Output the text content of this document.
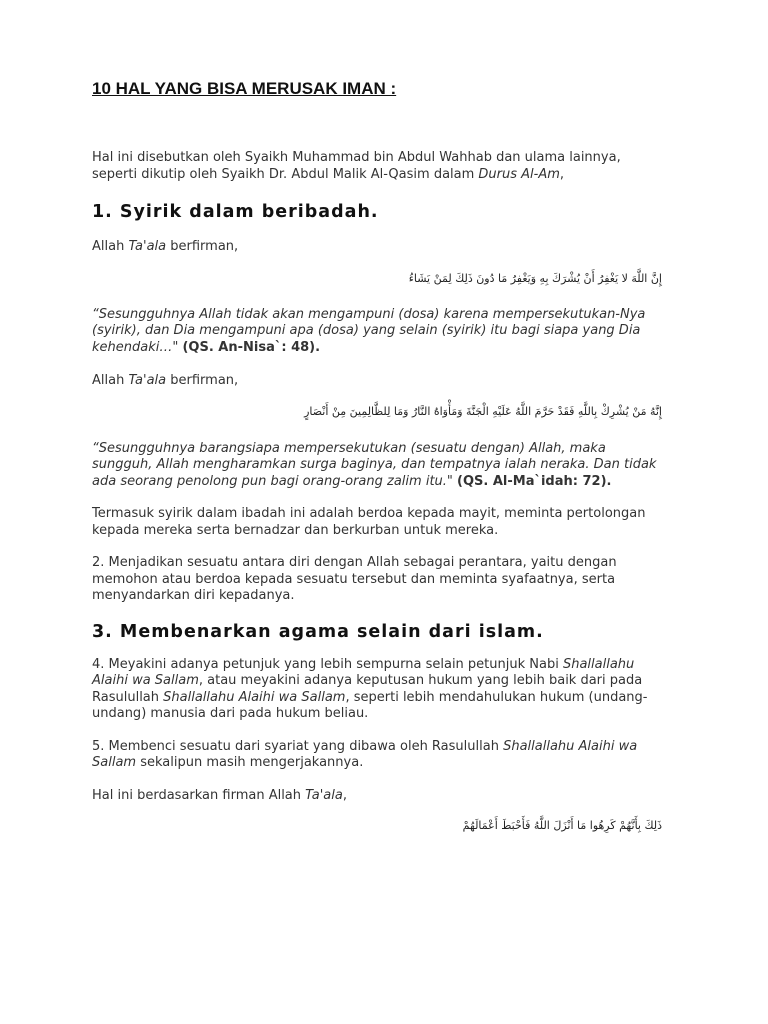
10 HAL YANG BISA MERUSAK IMAN :

Hal ini disebutkan oleh Syaikh Muhammad bin Abdul Wahhab dan ulama lainnya, seperti dikutip oleh Syaikh Dr. Abdul Malik Al-Qasim dalam Durus Al-Am,

1. Syirik dalam beribadah.

Allah Ta'ala berfirman,

إِنَّ اللَّهَ لا يَغْفِرُ أَنْ يُشْرَكَ بِهِ وَيَغْفِرُ مَا دُونَ ذَلِكَ لِمَنْ يَشَاءُ

“Sesungguhnya Allah tidak akan mengampuni (dosa) karena mempersekutukan-Nya (syirik), dan Dia mengampuni apa (dosa) yang selain (syirik) itu bagi siapa yang Dia kehendaki…" (QS. An-Nisa`: 48).

Allah Ta'ala berfirman,

إِنَّهُ مَنْ يُشْرِكْ بِاللَّهِ فَقَدْ حَرَّمَ اللَّهُ عَلَيْهِ الْجَنَّةَ وَمَأْوَاهُ النَّارُ وَمَا لِلظَّالِمِينَ مِنْ أَنْصَارٍ

“Sesungguhnya barangsiapa mempersekutukan (sesuatu dengan) Allah, maka sungguh, Allah mengharamkan surga baginya, dan tempatnya ialah neraka. Dan tidak ada seorang penolong pun bagi orang-orang zalim itu." (QS. Al-Ma`idah: 72).

Termasuk syirik dalam ibadah ini adalah berdoa kepada mayit, meminta pertolongan kepada mereka serta bernadzar dan berkurban untuk mereka.

2. Menjadikan sesuatu antara diri dengan Allah sebagai perantara, yaitu dengan memohon atau berdoa kepada sesuatu tersebut dan meminta syafaatnya, serta menyandarkan diri kepadanya.

3. Membenarkan agama selain dari islam.

4. Meyakini adanya petunjuk yang lebih sempurna selain petunjuk Nabi Shallallahu Alaihi wa Sallam, atau meyakini adanya keputusan hukum yang lebih baik dari pada Rasulullah Shallallahu Alaihi wa Sallam, seperti lebih mendahulukan hukum (undang-undang) manusia dari pada hukum beliau.

5. Membenci sesuatu dari syariat yang dibawa oleh Rasulullah Shallallahu Alaihi wa Sallam sekalipun masih mengerjakannya.

Hal ini berdasarkan firman Allah Ta'ala,

ذَلِكَ بِأَنَّهُمْ كَرِهُوا مَا أَنْزَلَ اللَّهُ فَأَحْبَطَ أَعْمَالَهُمْ
